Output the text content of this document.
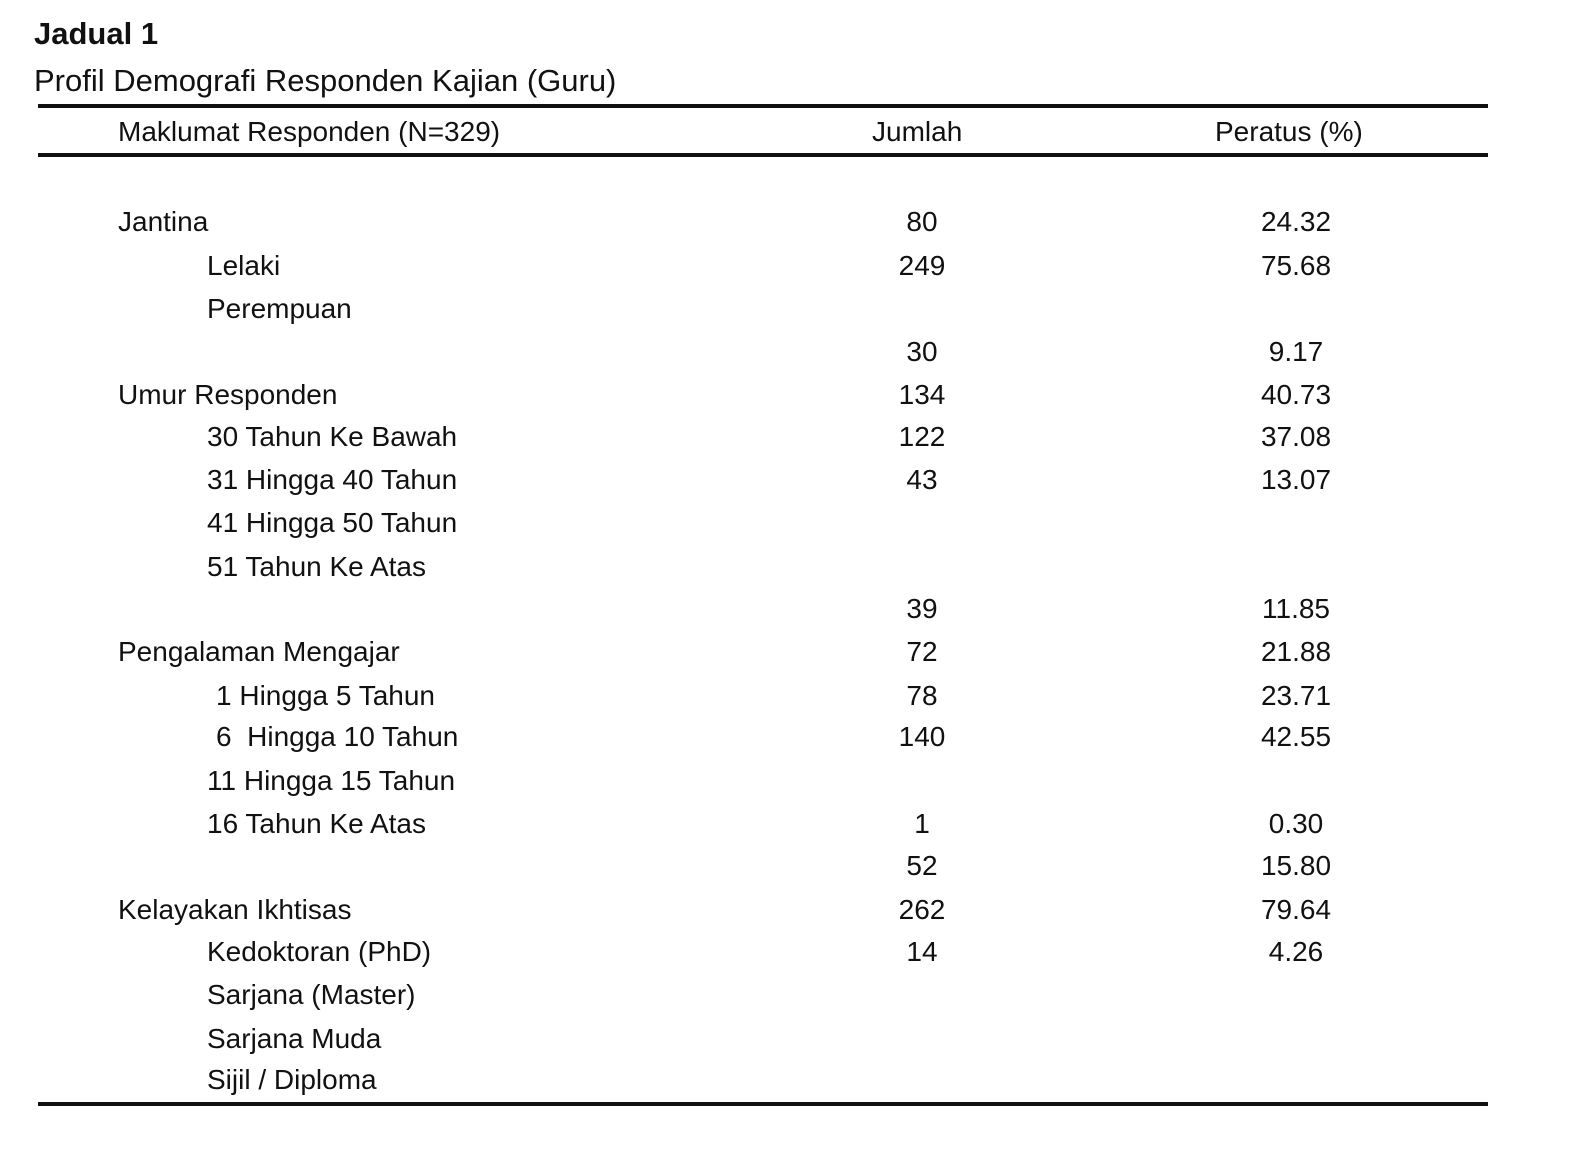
Jadual 1

Profil Demografi Responden Kajian (Guru)

Maklumat Responden (N=329)	Jumlah	Peratus (%)
Jantina
Lelaki
Perempuan
Umur Responden
30 Tahun Ke Bawah
31 Hingga 40 Tahun
41 Hingga 50 Tahun
51 Tahun Ke Atas
Pengalaman Mengajar
1 Hingga 5 Tahun
6  Hingga 10 Tahun
11 Hingga 15 Tahun
16 Tahun Ke Atas
Kelayakan Ikhtisas
Kedoktoran (PhD)
Sarjana (Master)
Sarjana Muda
Sijil / Diploma
80
249
30
134
122
43
39
72
78
140
1
52
262
14
24.32
75.68
9.17
40.73
37.08
13.07
11.85
21.88
23.71
42.55
0.30
15.80
79.64
4.26
